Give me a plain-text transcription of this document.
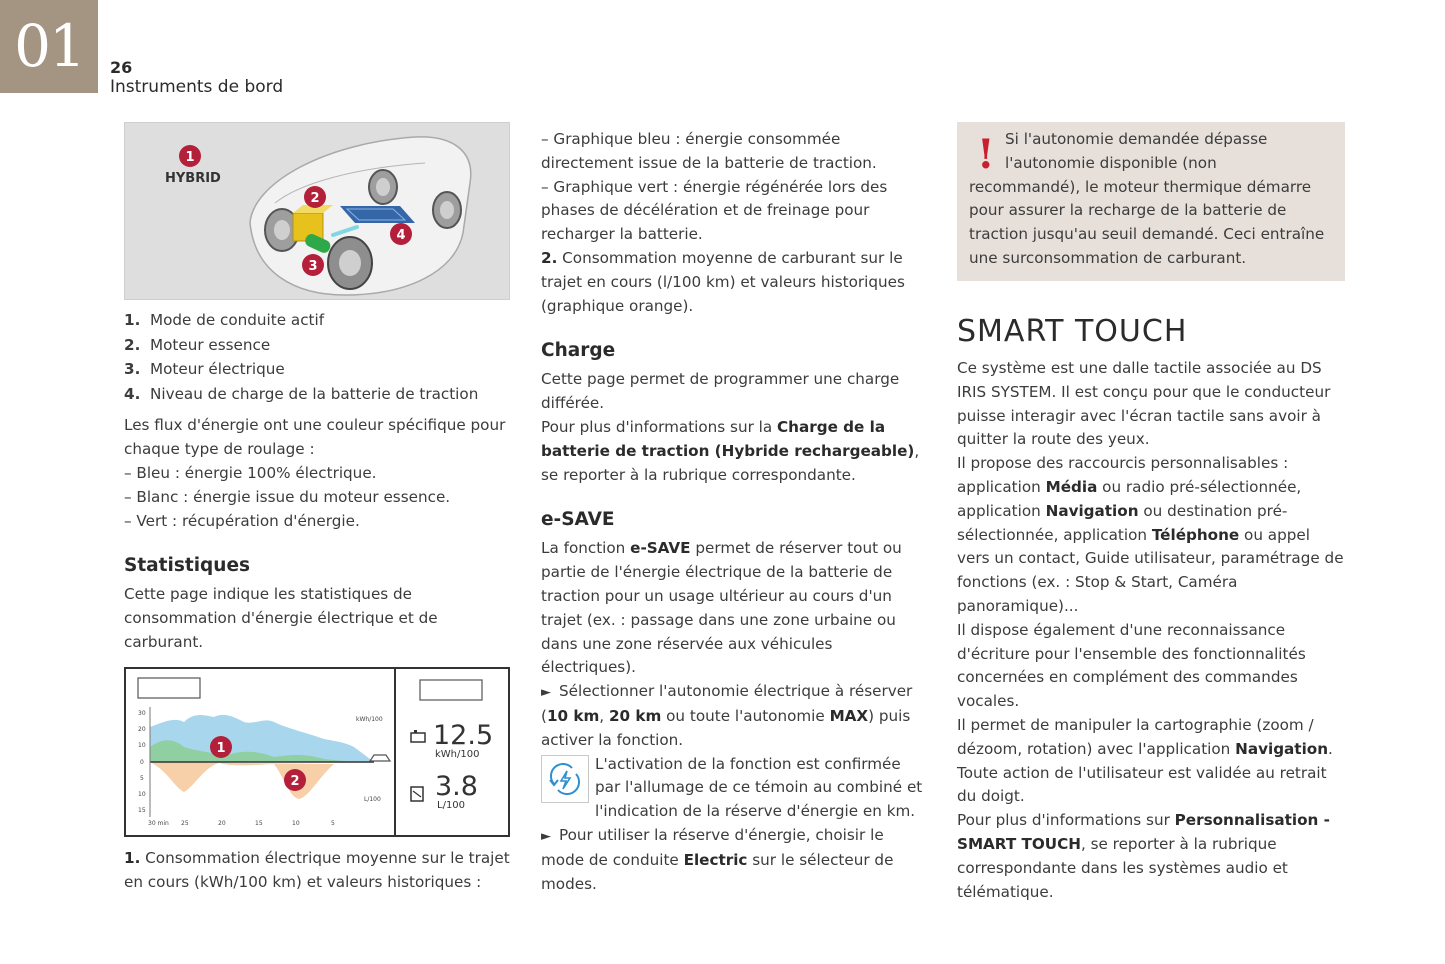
01	26
Instruments de bord
1
HYBRID
2
3
4
1. Mode de conduite actif
2. Moteur essence
3. Moteur électrique
4. Niveau de charge de la batterie de traction

Les flux d'énergie ont une couleur spécifique pour chaque type de roulage :

– Bleu : énergie 100% électrique.

– Blanc : énergie issue du moteur essence.

– Vert : récupération d'énergie.

Statistiques

Cette page indique les statistiques de consommation d'énergie électrique et de carburant.

30
20
10
0
5
10
15
30 min 25	20	15	10	5
kWh/100
L/100
1
2
12.5
kWh/100
3.8
L/100

1. Consommation électrique moyenne sur le trajet en cours (kWh/100 km) et valeurs historiques :

– Graphique bleu : énergie consommée directement issue de la batterie de traction.

– Graphique vert : énergie régénérée lors des phases de décélération et de freinage pour recharger la batterie.

2. Consommation moyenne de carburant sur le trajet en cours (l/100 km) et valeurs historiques (graphique orange).

Charge

Cette page permet de programmer une charge différée.

Pour plus d'informations sur la Charge de la batterie de traction (Hybride rechargeable), se reporter à la rubrique correspondante.

e-SAVE

La fonction e-SAVE permet de réserver tout ou partie de l'énergie électrique de la batterie de traction pour un usage ultérieur au cours d'un trajet (ex. : passage dans une zone urbaine ou dans une zone réservée aux véhicules électriques).

► Sélectionner l'autonomie électrique à réserver (10 km, 20 km ou toute l'autonomie MAX) puis activer la fonction.

L'activation de la fonction est confirmée par l'allumage de ce témoin au combiné et l'indication de la réserve d'énergie en km.

► Pour utiliser la réserve d'énergie, choisir le mode de conduite Electric sur le sélecteur de modes.

! Si l'autonomie demandée dépasse l'autonomie disponible (non

recommandé), le moteur thermique démarre pour assurer la recharge de la batterie de traction jusqu'au seuil demandé. Ceci entraîne une surconsommation de carburant.

SMART TOUCH

Ce système est une dalle tactile associée au DS IRIS SYSTEM. Il est conçu pour que le conducteur puisse interagir avec l'écran tactile sans avoir à quitter la route des yeux.

Il propose des raccourcis personnalisables : application Média ou radio pré-sélectionnée, application Navigation ou destination pré-sélectionnée, application Téléphone ou appel vers un contact, Guide utilisateur, paramétrage de fonctions (ex. : Stop & Start, Caméra panoramique)...

Il dispose également d'une reconnaissance d'écriture pour l'ensemble des fonctionnalités concernées en complément des commandes vocales.

Il permet de manipuler la cartographie (zoom / dézoom, rotation) avec l'application Navigation.

Toute action de l'utilisateur est validée au retrait du doigt.

Pour plus d'informations sur Personnalisation - SMART TOUCH, se reporter à la rubrique correspondante dans les systèmes audio et télématique.
